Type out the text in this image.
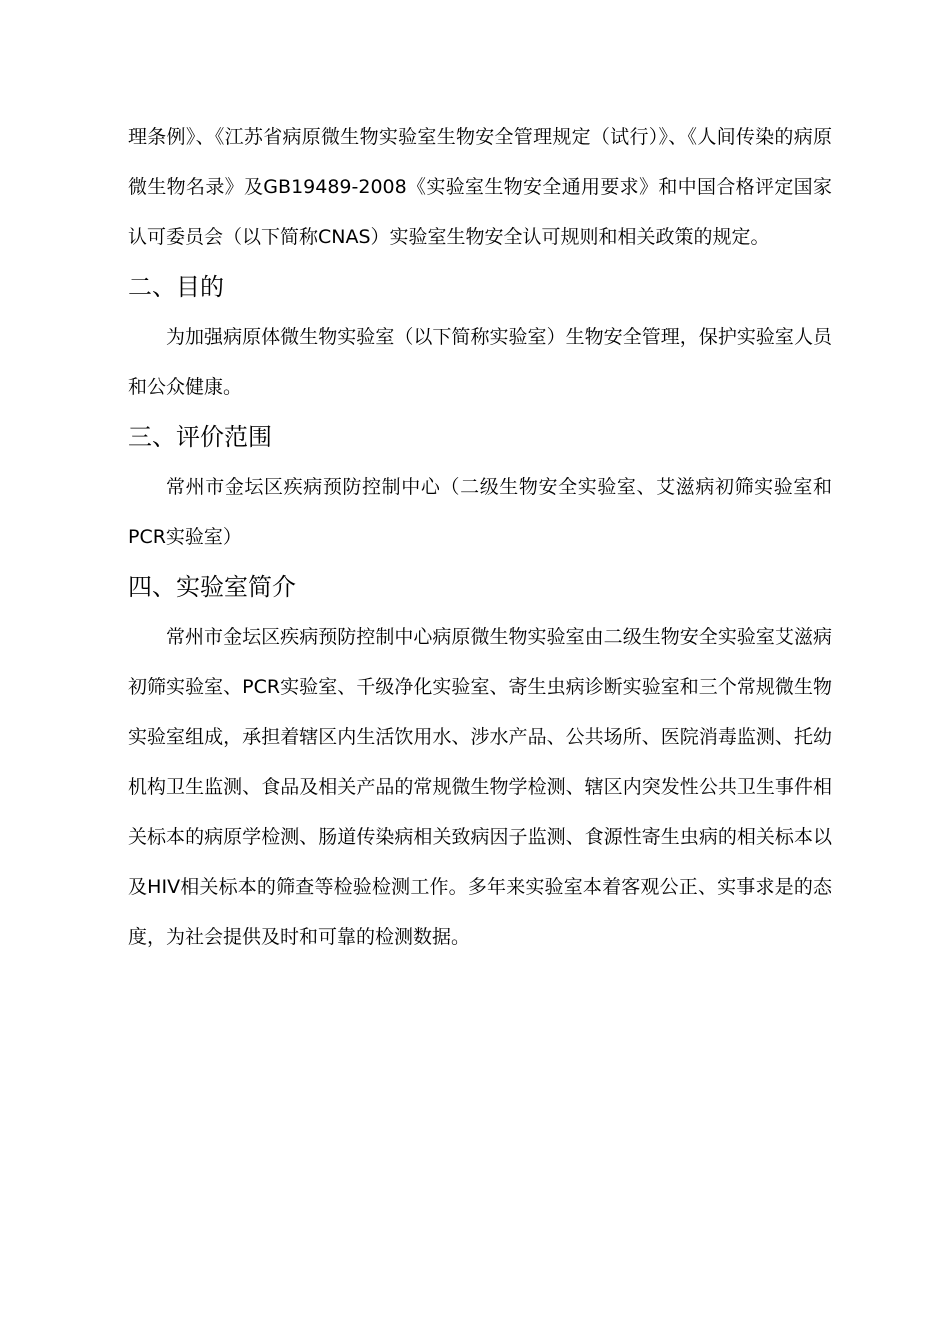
理条例》、《江苏省病原微生物实验室生物安全管理规定（试行）》、《人间传染的病原微生物名录》及GB19489-2008《实验室生物安全通用要求》和中国合格评定国家认可委员会（以下简称CNAS）实验室生物安全认可规则和相关政策的规定。

二、目的

为加强病原体微生物实验室（以下简称实验室）生物安全管理，保护实验室人员和公众健康。

三、评价范围

常州市金坛区疾病预防控制中心（二级生物安全实验室、艾滋病初筛实验室和PCR实验室）

四、实验室简介

常州市金坛区疾病预防控制中心病原微生物实验室由二级生物安全实验室艾滋病初筛实验室、PCR实验室、千级净化实验室、寄生虫病诊断实验室和三个常规微生物实验室组成，承担着辖区内生活饮用水、涉水产品、公共场所、医院消毒监测、托幼机构卫生监测、食品及相关产品的常规微生物学检测、辖区内突发性公共卫生事件相关标本的病原学检测、肠道传染病相关致病因子监测、食源性寄生虫病的相关标本以及HIV相关标本的筛查等检验检测工作。多年来实验室本着客观公正、实事求是的态度，为社会提供及时和可靠的检测数据。
